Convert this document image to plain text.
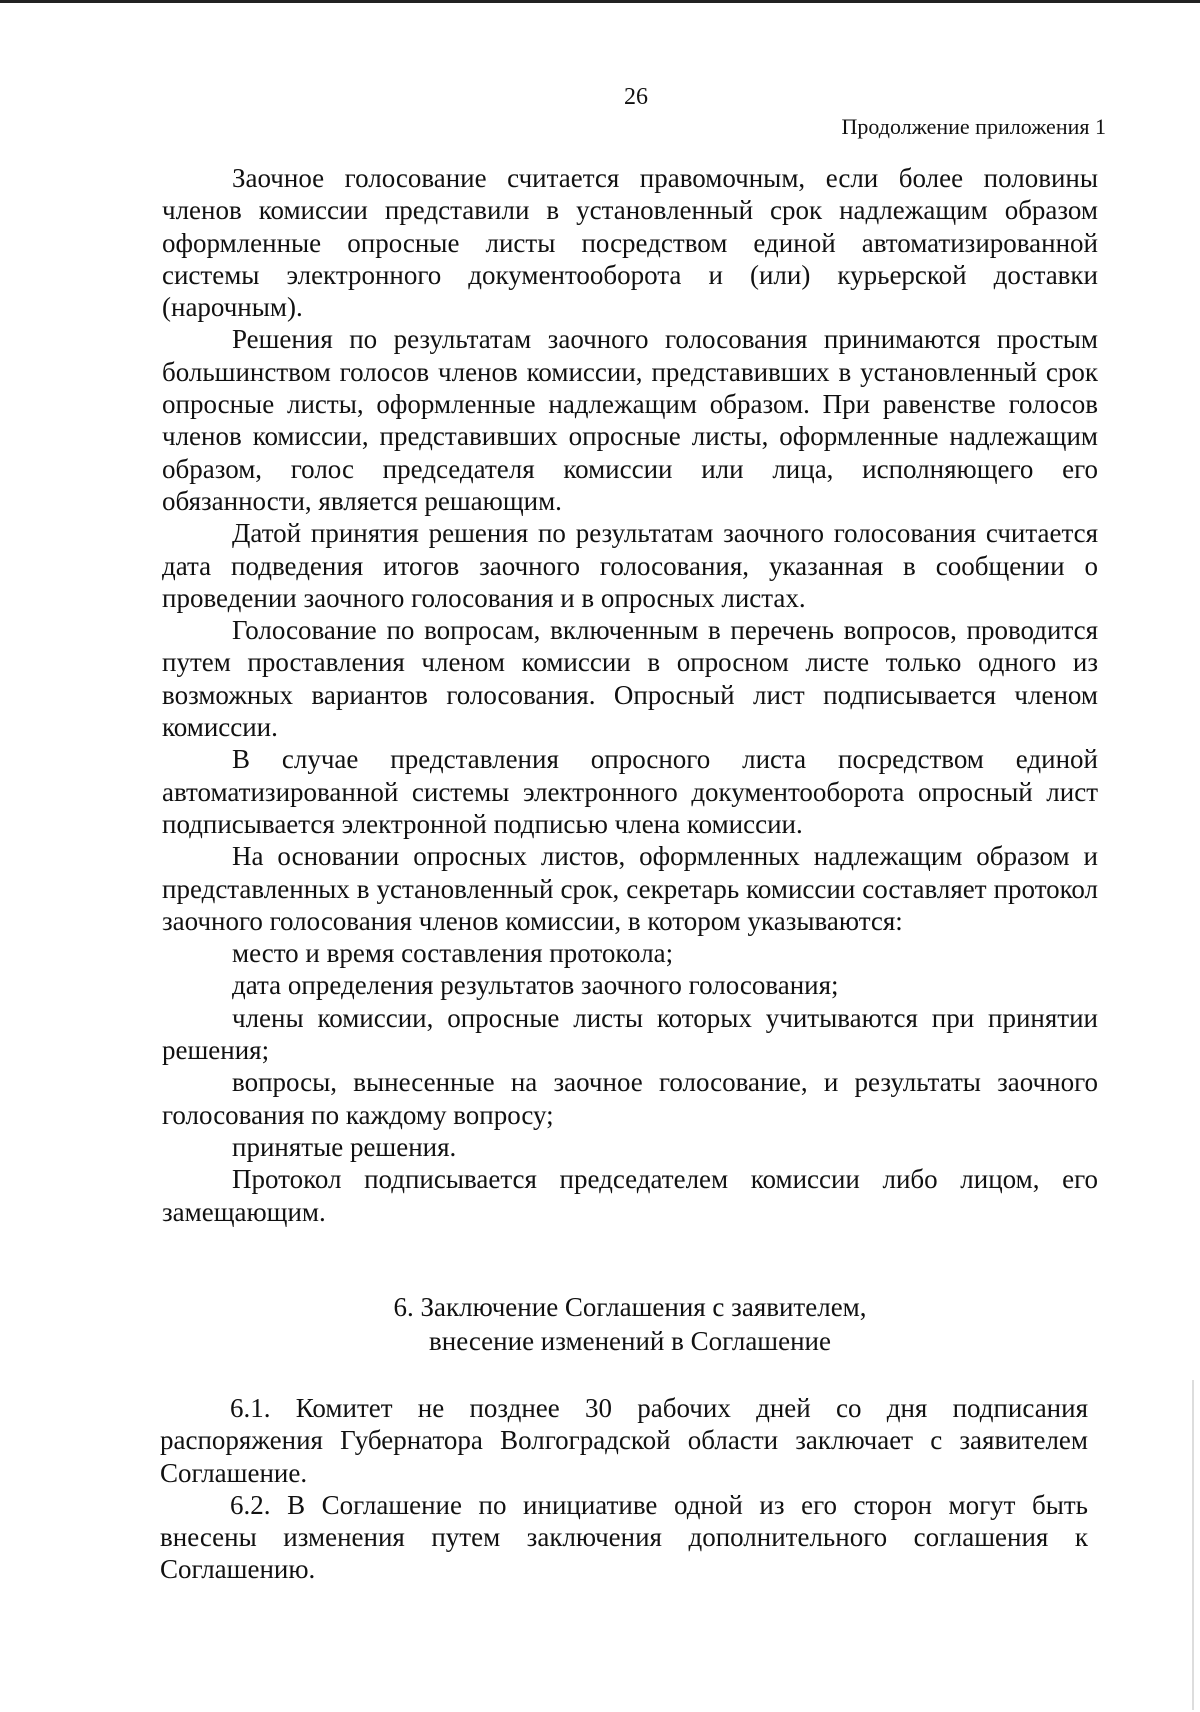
26
Продолжение приложения 1

Заочное голосование считается правомочным, если более половины членов комиссии представили в установленный срок надлежащим образом оформленные опросные листы посредством единой автоматизированной системы электронного документооборота и (или) курьерской доставки (нарочным).

Решения по результатам заочного голосования принимаются простым большинством голосов членов комиссии, представивших в установленный срок опросные листы, оформленные надлежащим образом. При равенстве голосов членов комиссии, представивших опросные листы, оформленные надлежащим образом, голос председателя комиссии или лица, исполняющего его обязанности, является решающим.

Датой принятия решения по результатам заочного голосования считается дата подведения итогов заочного голосования, указанная в сообщении о проведении заочного голосования и в опросных листах.

Голосование по вопросам, включенным в перечень вопросов, проводится путем проставления членом комиссии в опросном листе только одного из возможных вариантов голосования. Опросный лист подписывается членом комиссии.

В случае представления опросного листа посредством единой автоматизированной системы электронного документооборота опросный лист подписывается электронной подписью члена комиссии.

На основании опросных листов, оформленных надлежащим образом и представленных в установленный срок, секретарь комиссии составляет протокол заочного голосования членов комиссии, в котором указываются:

место и время составления протокола;

дата определения результатов заочного голосования;

члены комиссии, опросные листы которых учитываются при принятии решения;

вопросы, вынесенные на заочное голосование, и результаты заочного голосования по каждому вопросу;

принятые решения.

Протокол подписывается председателем комиссии либо лицом, его замещающим.

6. Заключение Соглашения с заявителем,
внесение изменений в Соглашение

6.1. Комитет не позднее 30 рабочих дней со дня подписания распоряжения Губернатора Волгоградской области заключает с заявителем Соглашение.

6.2. В Соглашение по инициативе одной из его сторон могут быть внесены изменения путем заключения дополнительного соглашения к Соглашению.
